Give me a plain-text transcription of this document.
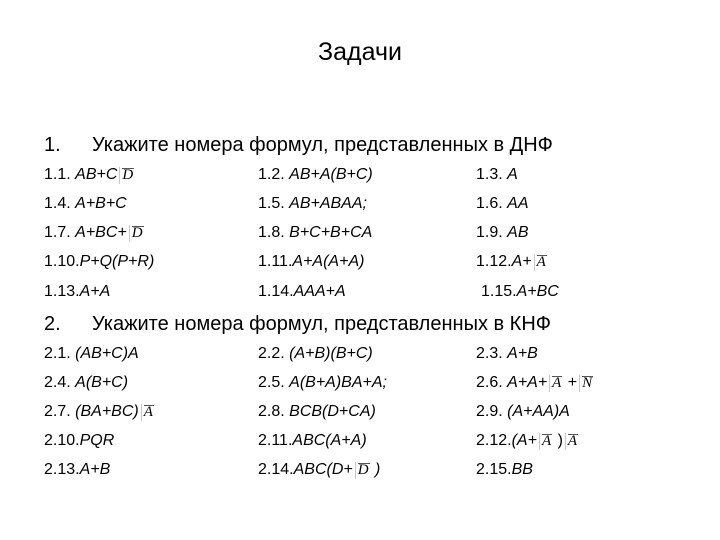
Задачи
1. Укажите номера формул, представленных в ДНФ
1.1. AB+C D	1.2. AB+A(B+C)	1.3. A
1.4. A+B+C	1.5. AB+ABAA;	1.6. AA
1.7. A+BC+ D	1.8. B+C+B+CA	1.9. AB
1.10.P+Q(P+R)	1.11.A+A(A+A)	1.12.A+ A
1.13.A+A	1.14.AAA+A	1.15.A+BC
2. Укажите номера формул, представленных в КНФ
2.1. (AB+C)A	2.2. (A+B)(B+C)	2.3. A+B
2.4. A(B+C)	2.5. A(B+A)BA+A;	2.6. A+A+ A + N
2.7. (BA+BC) A	2.8. BCB(D+CA)	2.9. (A+AA)A
2.10.PQR	2.11.ABC(A+A)	2.12.(A+ A ) A
2.13.A+B	2.14.ABC(D+ D )	2.15.BB
